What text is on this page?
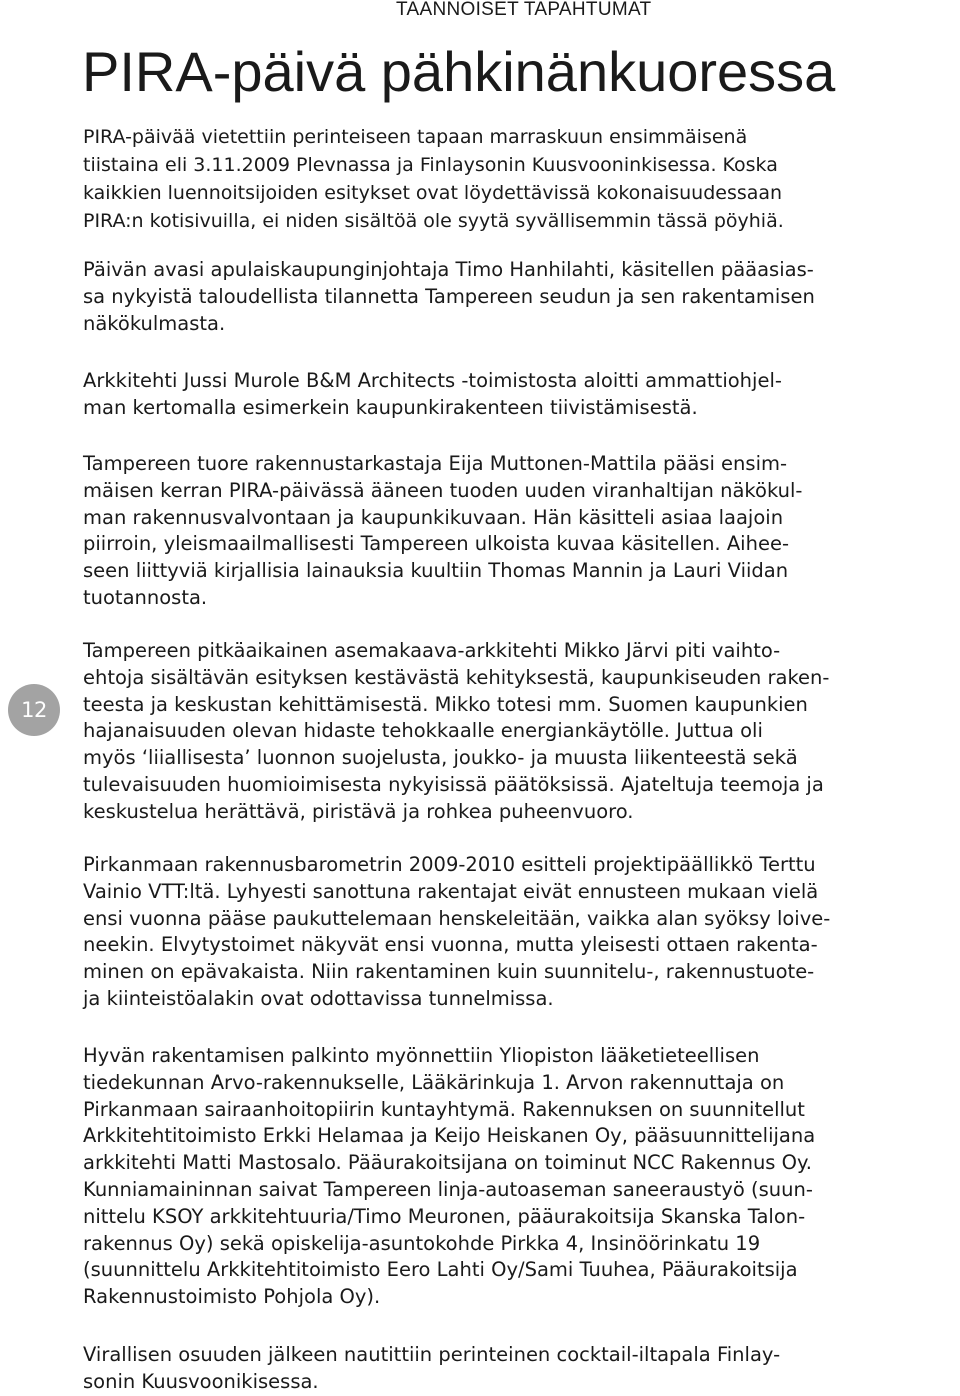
TAANNOISET TAPAHTUMAT
PIRA-päivä pähkinänkuoressa

PIRA-päivää vietettiin perinteiseen tapaan marraskuun ensimmäisenä
tiistaina eli 3.11.2009 Plevnassa ja Finlaysonin Kuusvooninkisessa. Koska
kaikkien luennoitsijoiden esitykset ovat löydettävissä kokonaisuudessaan
PIRA:n kotisivuilla, ei niden sisältöä ole syytä syvällisemmin tässä pöyhiä.

Päivän avasi apulaiskaupunginjohtaja Timo Hanhilahti, käsitellen pääasias-
sa nykyistä taloudellista tilannetta Tampereen seudun ja sen rakentamisen
näkökulmasta.

Arkkitehti Jussi Murole B&M Architects -toimistosta aloitti ammattiohjel-
man kertomalla esimerkein kaupunkirakenteen tiivistämisestä.

Tampereen tuore rakennustarkastaja Eija Muttonen-Mattila pääsi ensim-
mäisen kerran PIRA-päivässä ääneen tuoden uuden viranhaltijan näkökul-
man rakennusvalvontaan ja kaupunkikuvaan. Hän käsitteli asiaa laajoin
piirroin, yleismaailmallisesti Tampereen ulkoista kuvaa käsitellen. Aihee-
seen liittyviä kirjallisia lainauksia kuultiin Thomas Mannin ja Lauri Viidan
tuotannosta.

12

Tampereen pitkäaikainen asemakaava-arkkitehti Mikko Järvi piti vaihto-
ehtoja sisältävän esityksen kestävästä kehityksestä, kaupunkiseuden raken-
teesta ja keskustan kehittämisestä. Mikko totesi mm. Suomen kaupunkien
hajanaisuuden olevan hidaste tehokkaalle energiankäytölle. Juttua oli
myös ‘liiallisesta’ luonnon suojelusta, joukko- ja muusta liikenteestä sekä
tulevaisuuden huomioimisesta nykyisissä päätöksissä. Ajateltuja teemoja ja
keskustelua herättävä, piristävä ja rohkea puheenvuoro.

Pirkanmaan rakennusbarometrin 2009-2010 esitteli projektipäällikkö Terttu
Vainio VTT:ltä. Lyhyesti sanottuna rakentajat eivät ennusteen mukaan vielä
ensi vuonna pääse paukuttelemaan henskeleitään, vaikka alan syöksy loive-
neekin. Elvytystoimet näkyvät ensi vuonna, mutta yleisesti ottaen rakenta-
minen on epävakaista. Niin rakentaminen kuin suunnitelu-, rakennustuote-
ja kiinteistöalakin ovat odottavissa tunnelmissa.

Hyvän rakentamisen palkinto myönnettiin Yliopiston lääketieteellisen
tiedekunnan Arvo-rakennukselle, Lääkärinkuja 1. Arvon rakennuttaja on
Pirkanmaan sairaanhoitopiirin kuntayhtymä. Rakennuksen on suunnitellut
Arkkitehtitoimisto Erkki Helamaa ja Keijo Heiskanen Oy, pääsuunnittelijana
arkkitehti Matti Mastosalo. Pääurakoitsijana on toiminut NCC Rakennus Oy.
Kunniamaininnan saivat Tampereen linja-autoaseman saneeraustyö (suun-
nittelu KSOY arkkitehtuuria/Timo Meuronen, pääurakoitsija Skanska Talon-
rakennus Oy) sekä opiskelija-asuntokohde Pirkka 4, Insinöörinkatu 19
(suunnittelu Arkkitehtitoimisto Eero Lahti Oy/Sami Tuuhea, Pääurakoitsija
Rakennustoimisto Pohjola Oy).

Virallisen osuuden jälkeen nautittiin perinteinen cocktail-iltapala Finlay-
sonin Kuusvoonikisessa.
